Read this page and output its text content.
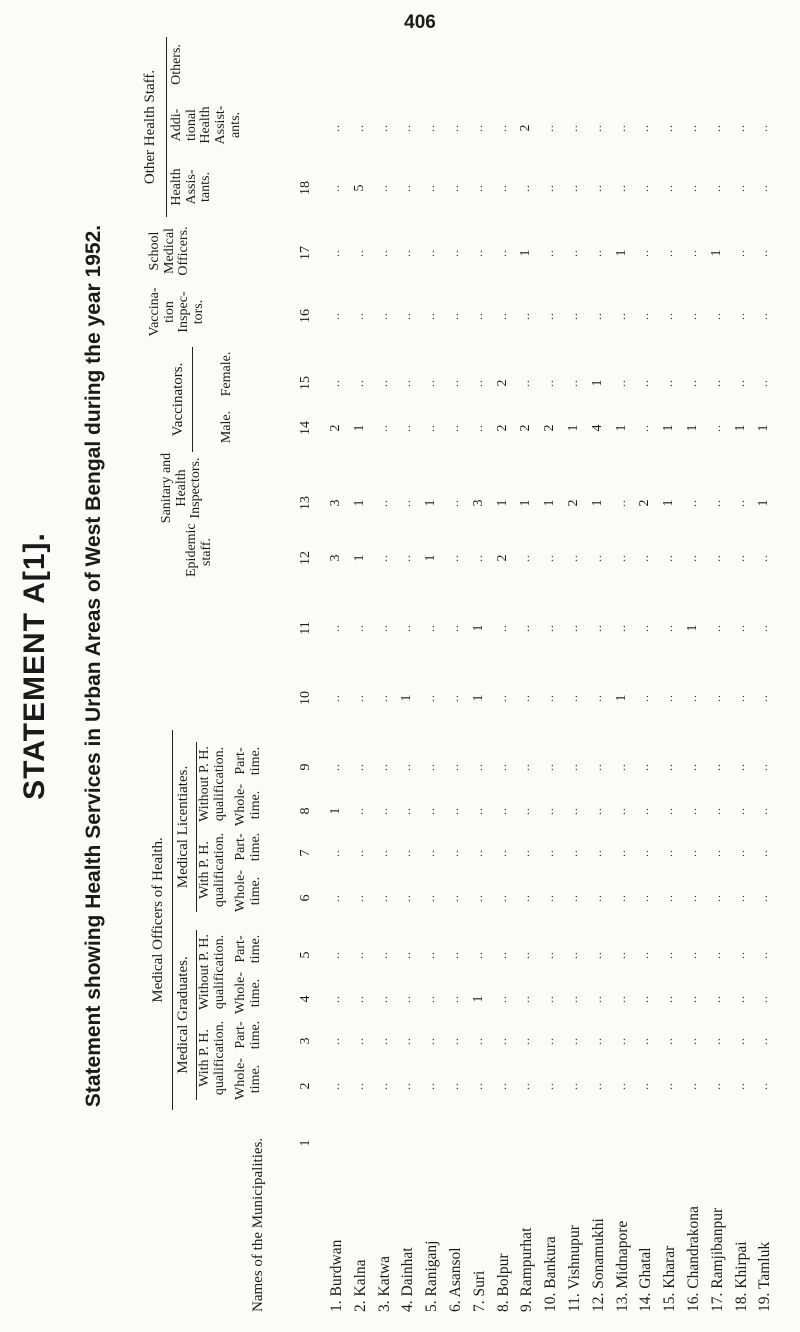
406
STATEMENT A[1]. Statement showing Health Services in Urban Areas of West Bengal during the year 1952.	Medical Officers of Health.
Medical Graduates.
Medical Licentiates.
With P. H. qualification.
Without P. H. qualification.
With P. H. qualification.
Without P. H. qualification.
Whole- time.
Part- time.
Whole- time.
Part- time.
Whole- time.
Part- time.
Whole- time.
Part- time.
Epidemic staff.
Sanitary and Health Inspectors.
Vaccinators. Male.
Female.
Vaccina- tion Inspec- tors.
School Medical Officers.
Other Health Staff.
Health Assis- tants.
Addi- tional Health Assist- ants.
Others.
Names of the Municipalities. 1
2
3
4
5
6
7
8
9
10
11
12
13
14
15
16
17
18
1. Burdwan
..
..
..
..
..
..
1
..
..
..
3
3
2
..
..
..
..
..
2. Kalna
..
..
..
..
..
..
..
..
..
..
1
1
1
..
..
..
5
..
3. Katwa
..
..
..
..
..
..
..
..
..
..
..
..
..
..
..
..
..
..
4. Dainhat
..
..
..
..
..
..
..
..
1
..
..
..
..
..
..
..
..
..
5. Raniganj
..
..
..
..
..
..
..
..
..
..
1
1
..
..
..
..
..
..
6. Asansol
..
..
..
..
..
..
..
..
..
..
..
..
..
..
..
..
..
..
7. Suri
..
..
1
..
..
..
..
..
1
1
..
3
..
..
..
..
..
..
8. Bolpur
..
..
..
..
..
..
..
..
..
..
2
1
2
2
..
..
..
..
9. Rampurhat
..
..
..
..
..
..
..
..
..
..
..
1
2
..
..
1
..
2
10. Bankura
..
..
..
..
..
..
..
..
..
..
..
1
2
..
..
..
..
..
11. Vishnupur
..
..
..
..
..
..
..
..
..
..
..
2
1
..
..
..
..
..
12. Sonamukhi
..
..
..
..
..
..
..
..
..
..
..
1
4
1
..
..
..
..
13. Midnapore
..
..
..
..
..
..
..
..
1
..
..
..
1
..
..
1
..
..
14. Ghatal
..
..
..
..
..
..
..
..
..
..
..
2
..
..
..
..
..
..
15. Kharar
..
..
..
..
..
..
..
..
..
..
..
1
1
..
..
..
..
..
16. Chandrakona
..
..
..
..
..
..
..
..
..
1
..
..
1
..
..
..
..
..
17. Ramjibanpur
..
..
..
..
..
..
..
..
..
..
..
..
..
..
..
1
..
..
18. Khirpai
..
..
..
..
..
..
..
..
..
..
..
..
1
..
..
..
..
..
19. Tamluk
..
..
..
..
..
..
..
..
..
..
..
1
1
..
..
..
..
..
